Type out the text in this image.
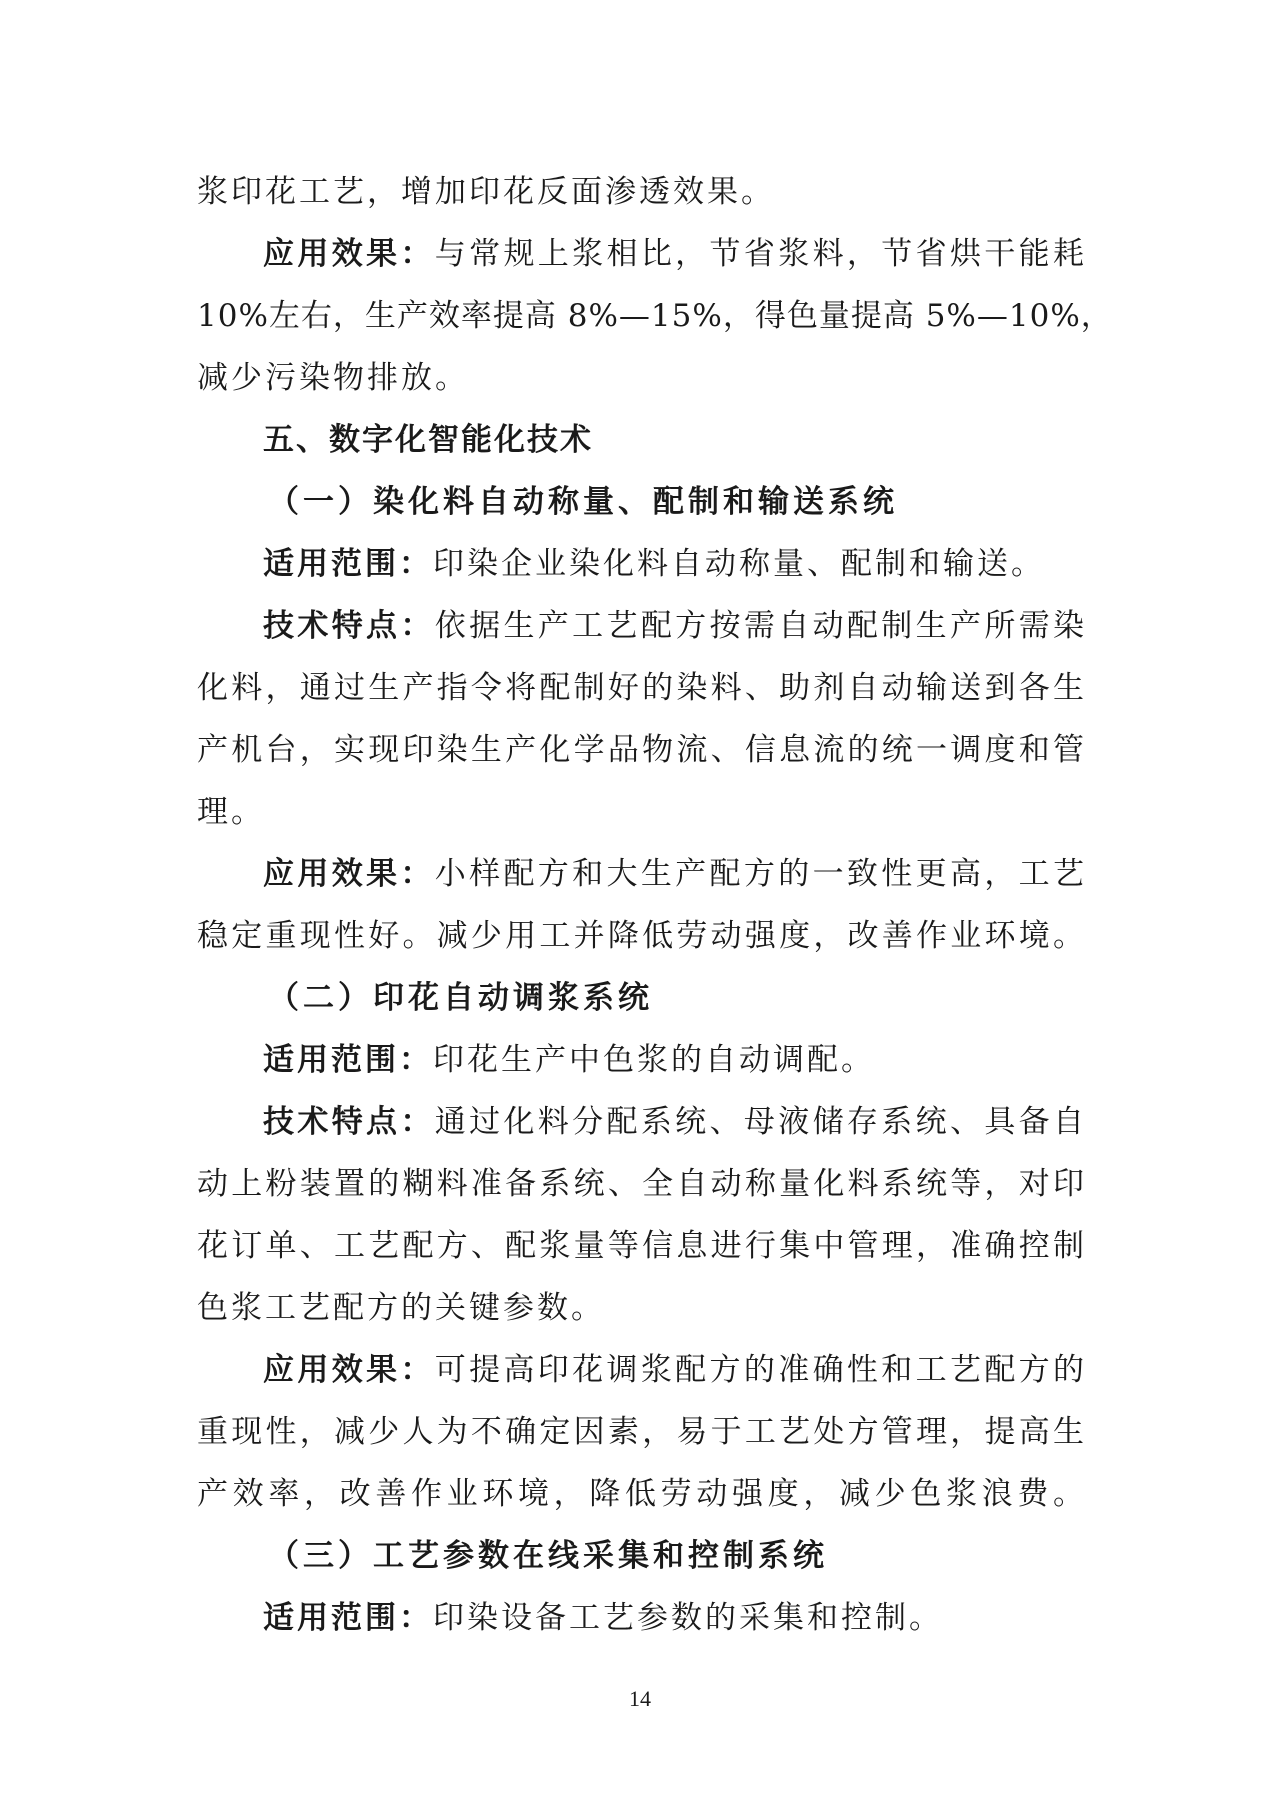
浆印花工艺，增加印花反面渗透效果。
应用效果：与常规上浆相比，节省浆料，节省烘干能耗
10%左右，生产效率提高 8%—15%，得色量提高 5%—10%，
减少污染物排放。
五、数字化智能化技术
（一）染化料自动称量、配制和输送系统
适用范围：印染企业染化料自动称量、配制和输送。
技术特点：依据生产工艺配方按需自动配制生产所需染
化料，通过生产指令将配制好的染料、助剂自动输送到各生
产机台，实现印染生产化学品物流、信息流的统一调度和管
理。
应用效果：小样配方和大生产配方的一致性更高，工艺
稳定重现性好。减少用工并降低劳动强度，改善作业环境。
（二）印花自动调浆系统
适用范围：印花生产中色浆的自动调配。
技术特点：通过化料分配系统、母液储存系统、具备自
动上粉装置的糊料准备系统、全自动称量化料系统等，对印
花订单、工艺配方、配浆量等信息进行集中管理，准确控制
色浆工艺配方的关键参数。
应用效果：可提高印花调浆配方的准确性和工艺配方的
重现性，减少人为不确定因素，易于工艺处方管理，提高生
产效率，改善作业环境，降低劳动强度，减少色浆浪费。
（三）工艺参数在线采集和控制系统
适用范围：印染设备工艺参数的采集和控制。
14
